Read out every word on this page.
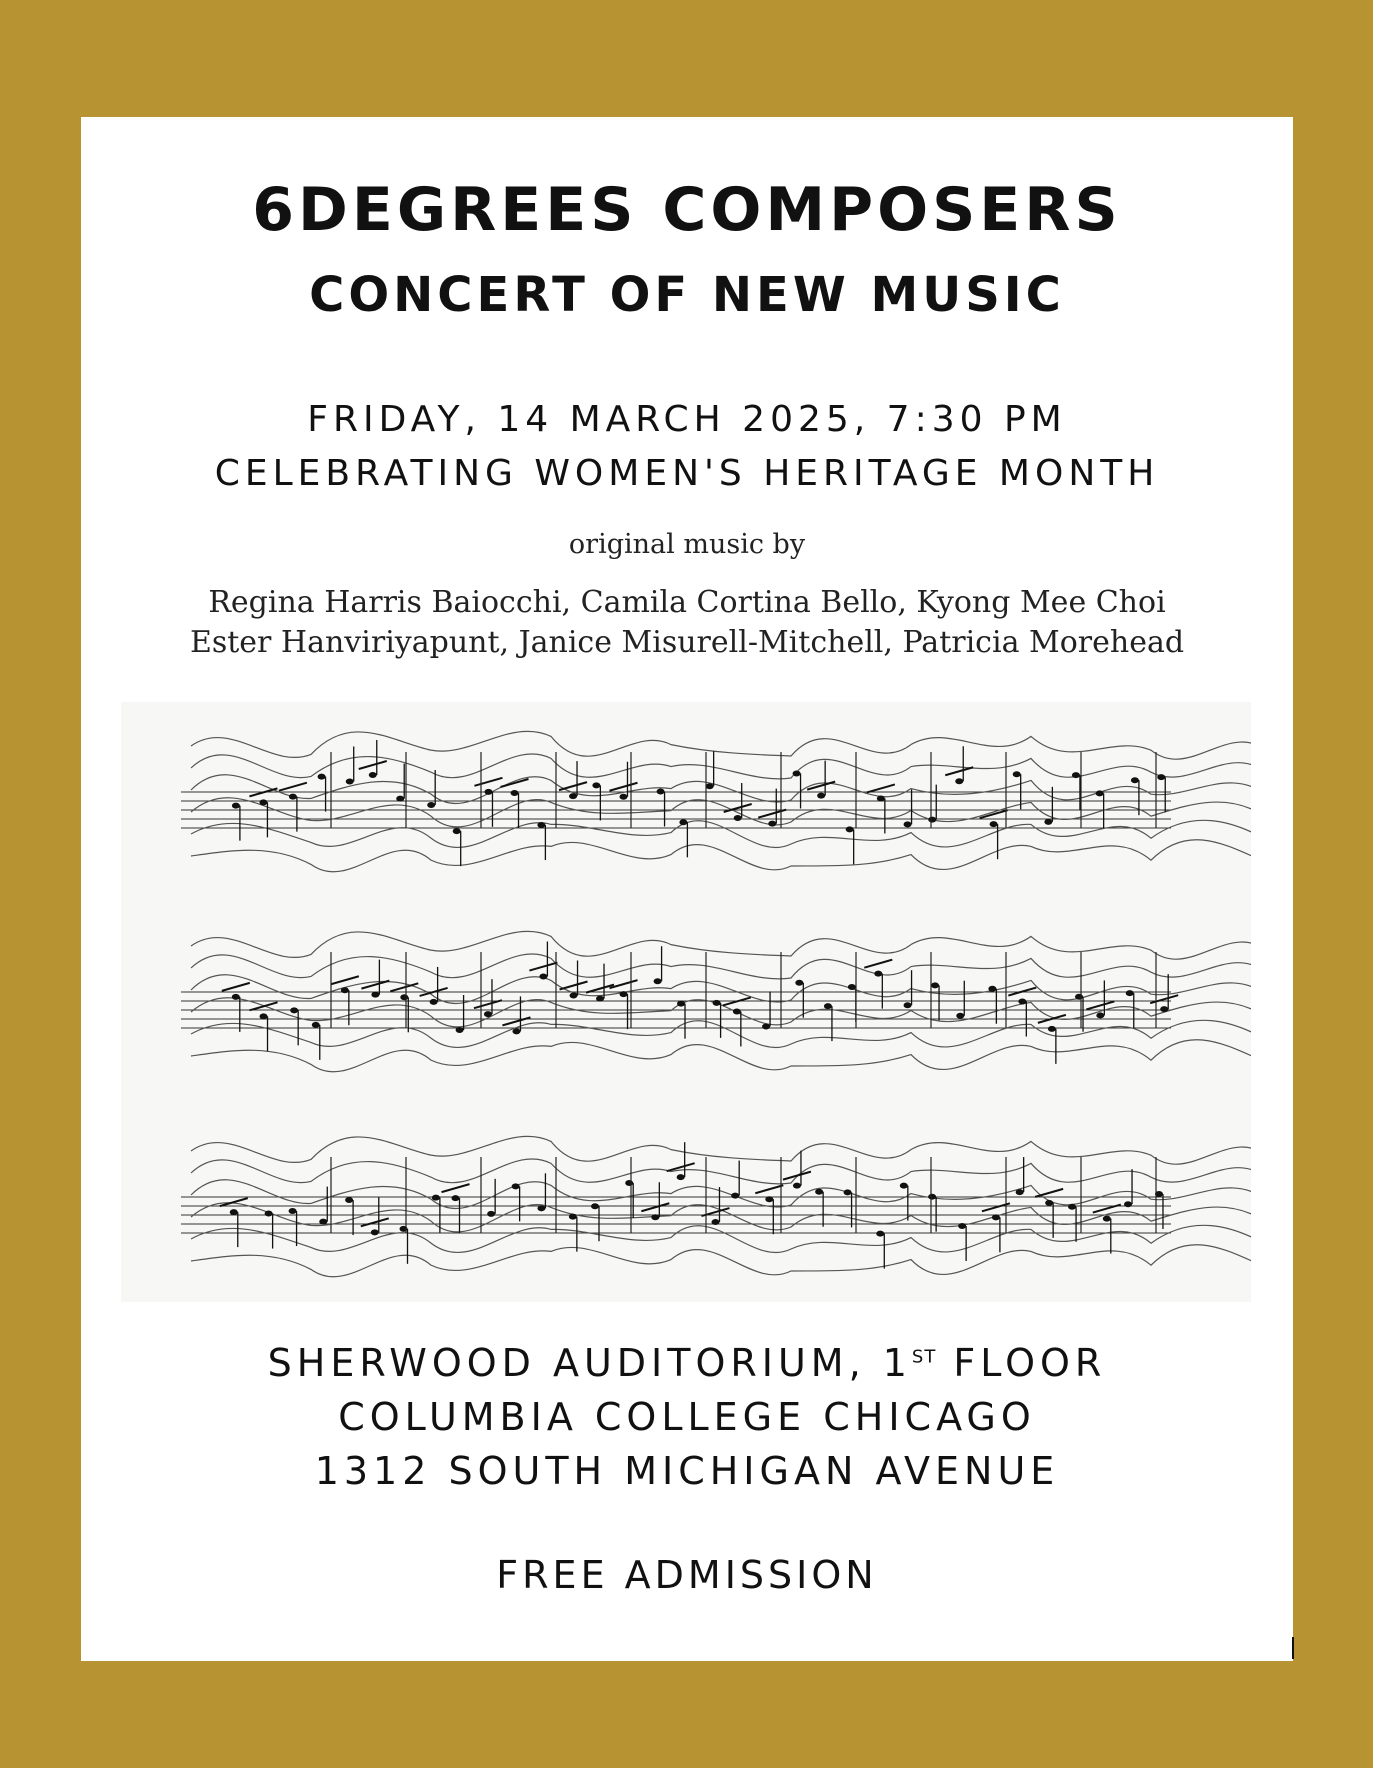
6DEGREES COMPOSERS
CONCERT OF NEW MUSIC
FRIDAY, 14 MARCH 2025, 7:30 PM
CELEBRATING WOMEN'S HERITAGE MONTH
original music by
Regina Harris Baiocchi, Camila Cortina Bello, Kyong Mee Choi
Ester Hanviriyapunt, Janice Misurell-Mitchell, Patricia Morehead
SHERWOOD AUDITORIUM, 1ST FLOOR
COLUMBIA COLLEGE CHICAGO
1312 SOUTH MICHIGAN AVENUE
FREE ADMISSION
